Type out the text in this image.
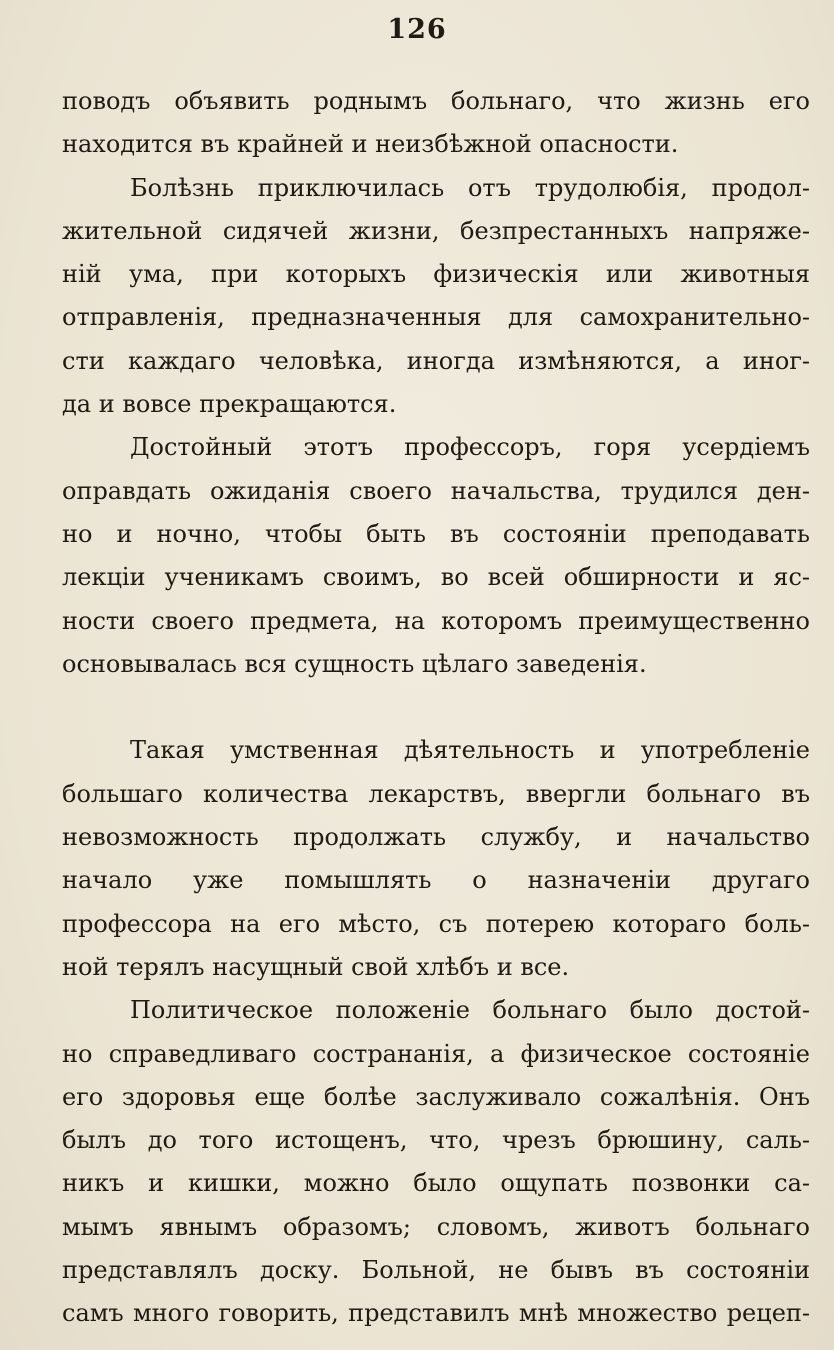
126
поводъ объявить роднымъ больнаго, что жизнь его
находится въ крайней и неизбѣжной опасности.
Болѣзнь приключилась отъ трудолюбія, продол-
жительной сидячей жизни, безпрестанныхъ напряже-
ній ума, при которыхъ физическія или животныя
отправленія, предназначенныя для самохранительно-
сти каждаго человѣка, иногда измѣняются, а иног-
да и вовсе прекращаются.
Достойный этотъ профессоръ, горя усердіемъ
оправдать ожиданія своего начальства, трудился ден-
но и ночно, чтобы быть въ состояніи преподавать
лекціи ученикамъ своимъ, во всей обширности и яс-
ности своего предмета, на которомъ преимущественно
основывалась вся сущность цѣлаго заведенія.
Такая умственная дѣятельность и употребленіе
большаго количества лекарствъ, ввергли больнаго въ
невозможность продолжать службу, и начальство
начало уже помышлять о назначеніи другаго
профессора на его мѣсто, съ потерею котораго боль-
ной терялъ насущный свой хлѣбъ и все.
Политическое положеніе больнаго было достой-
но справедливаго сострананія, а физическое состояніе
его здоровья еще болѣе заслуживало сожалѣнія. Онъ
былъ до того истощенъ, что, чрезъ брюшину, саль-
никъ и кишки, можно было ощупать позвонки са-
мымъ явнымъ образомъ; словомъ, животъ больнаго
представлялъ доску. Больной, не бывъ въ состояніи
самъ много говорить, представилъ мнѣ множество рецеп-
